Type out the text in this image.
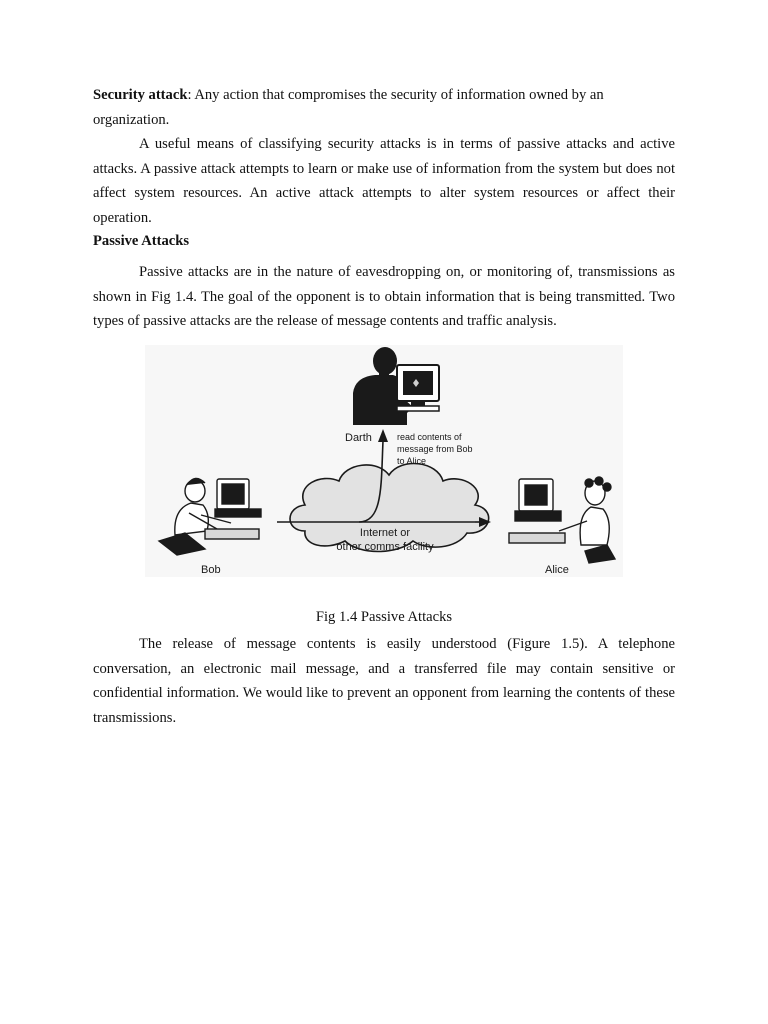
Security attack: Any action that compromises the security of information owned by an organization.

A useful means of classifying security attacks is in terms of passive attacks and active attacks. A passive attack attempts to learn or make use of information from the system but does not affect system resources. An active attack attempts to alter system resources or affect their operation.

Passive Attacks

Passive attacks are in the nature of eavesdropping on, or monitoring of, transmissions as shown in Fig 1.4. The goal of the opponent is to obtain information that is being transmitted. Two types of passive attacks are the release of message contents and traffic analysis.

Darth
Internet or
other comms facility
read contents of
message from Bob
to Alice
Bob	Alice

Fig 1.4 Passive Attacks

The release of message contents is easily understood (Figure 1.5). A telephone conversation, an electronic mail message, and a transferred file may contain sensitive or confidential information. We would like to prevent an opponent from learning the contents of these transmissions.
